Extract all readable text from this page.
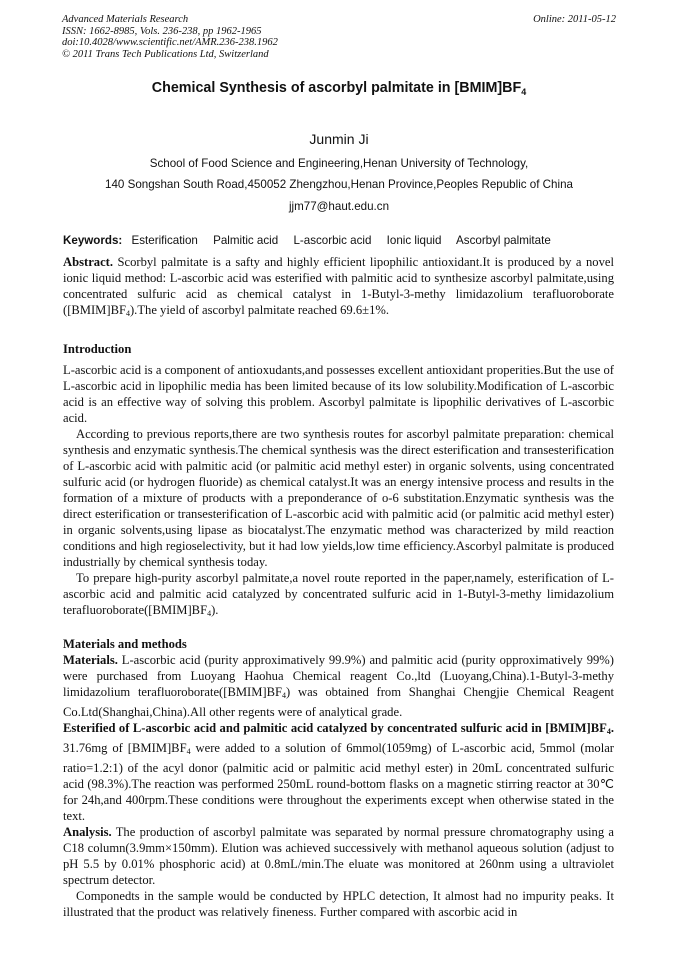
Advanced Materials Research
ISSN: 1662-8985, Vols. 236-238, pp 1962-1965
doi:10.4028/www.scientific.net/AMR.236-238.1962
© 2011 Trans Tech Publications Ltd, Switzerland
Online: 2011-05-12
Chemical Synthesis of ascorbyl palmitate in $[BMIM]BF_4$
Junmin Ji
School of Food Science and Engineering,Henan University of Technology,
140 Songshan South Road,450052 Zhengzhou,Henan Province,Peoples Republic of China
jjm77@haut.edu.cn
Keywords: Esterification Palmitic acid L-ascorbic acid Ionic liquid Ascorbyl palmitate

Abstract. Scorbyl palmitate is a safty and highly efficient lipophilic antioxidant.It is produced by a novel ionic liquid method: L-ascorbic acid was esterified with palmitic acid to synthesize ascorbyl palmitate,using concentrated sulfuric acid as chemical catalyst in 1-Butyl-3-methy limidazolium terafluoroborate $([BMIM]BF_4).The$ yield of ascorbyl palmitate reached 69.6±1%.

Introduction

L-ascorbic acid is a component of antioxudants,and possesses excellent antioxidant properities.But the use of L-ascorbic acid in lipophilic media has been limited because of its low solubility.Modification of L-ascorbic acid is an effective way of solving this problem. Ascorbyl palmitate is lipophilic derivatives of L-ascorbic acid.

According to previous reports,there are two synthesis routes for ascorbyl palmitate preparation: chemical synthesis and enzymatic synthesis.The chemical synthesis was the direct esterification and transesterification of L-ascorbic acid with palmitic acid (or palmitic acid methyl ester) in organic solvents, using concentrated sulfuric acid (or hydrogen fluoride) as chemical catalyst.It was an energy intensive process and results in the formation of a mixture of products with a preponderance of o-6 substitation.Enzymatic synthesis was the direct esterification or transesterification of L-ascorbic acid with palmitic acid (or palmitic acid methyl ester) in organic solvents,using lipase as biocatalyst.The enzymatic method was characterized by mild reaction conditions and high regioselectivity, but it had low yields,low time efficiency.Ascorbyl palmitate is produced industrially by chemical synthesis today.

To prepare high-purity ascorbyl palmitate,a novel route reported in the paper,namely, esterification of L-ascorbic acid and palmitic acid catalyzed by concentrated sulfuric acid in 1-Butyl-3-methy limidazolium $terafluoroborate([BMIM]BF_4)$.

Materials and methods

Materials. L-ascorbic acid (purity approximatively 99.9%) and palmitic acid (purity opproximatively 99%) were purchased from Luoyang Haohua Chemical reagent Co.,ltd (Luoyang,China).1-Butyl-3-methy limidazolium $terafluoroborate([BMIM]BF_4)$ was obtained from Shanghai Chengjie Chemical Reagent Co.Ltd(Shanghai,China).All other regents were of analytical grade.

Esterified of L-ascorbic acid and palmitic acid catalyzed by concentrated sulfuric acid in $[BMIM]BF_4$. 31.76mg of $[BMIM]BF_4$ were added to a solution of 6mmol(1059mg) of L-ascorbic acid, 5mmol (molar ratio=1.2:1) of the acyl donor (palmitic acid or palmitic acid methyl ester) in 20mL concentrated sulfuric acid (98.3%).The reaction was performed 250mL round-bottom flasks on a magnetic stirring reactor at 30℃ for 24h,and 400rpm.These conditions were throughout the experiments except when otherwise stated in the text.

Analysis. The production of ascorbyl palmitate was separated by normal pressure chromatography using a C18 column(3.9mm×150mm). Elution was achieved successively with methanol aqueous solution (adjust to pH 5.5 by 0.01% phosphoric acid) at 0.8mL/min.The eluate was monitored at 260nm using a ultraviolet spectrum detector.

Componedts in the sample would be conducted by HPLC detection, It almost had no impurity peaks. It illustrated that the product was relatively fineness. Further compared with ascorbic acid in
